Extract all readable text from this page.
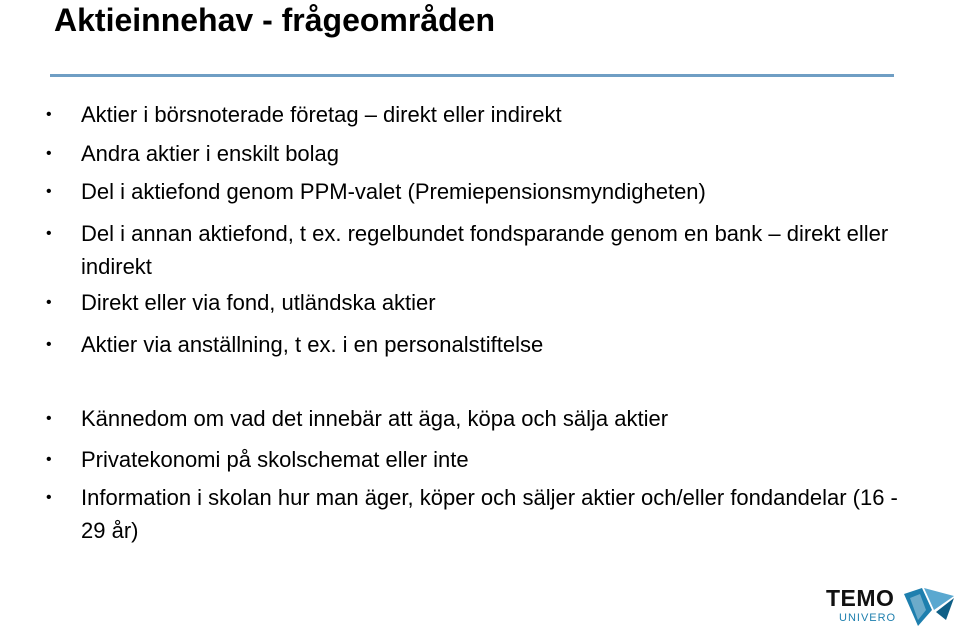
Aktieinnehav - frågeområden
•	Aktier i börsnoterade företag – direkt eller indirekt
•	Andra aktier i enskilt bolag
•	Del i aktiefond genom PPM-valet (Premiepensionsmyndigheten)
•	Del i annan aktiefond, t ex. regelbundet fondsparande genom en bank – direkt eller indirekt
•	Direkt eller via fond, utländska aktier
•	Aktier via anställning, t ex. i en personalstiftelse
•	Kännedom om vad det innebär att äga, köpa och sälja aktier
•	Privatekonomi på skolschemat eller inte
•	Information i skolan hur man äger, köper och säljer aktier och/eller fondandelar (16 - 29 år)
TEMO
UNIVERO
